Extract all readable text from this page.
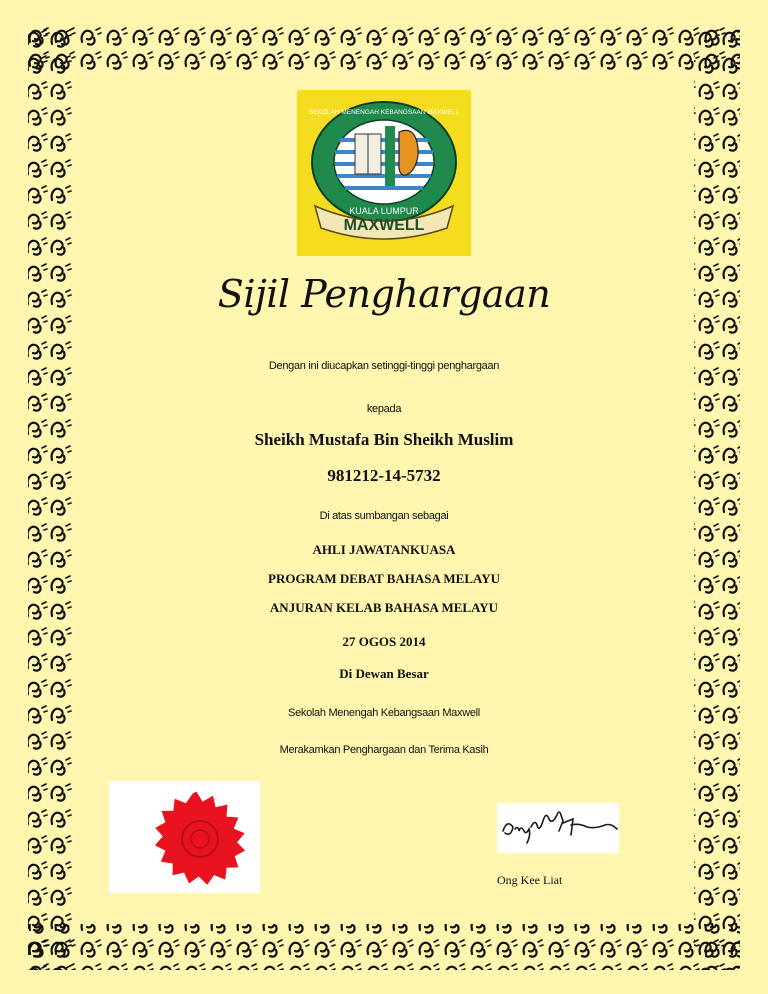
KUALA LUMPUR
MAXWELL
SEKOLAH MENENGAH KEBANGSAAN MAXWELL
Sijil Penghargaan
Dengan ini diucapkan setinggi-tinggi penghargaan
kepada
Sheikh Mustafa Bin Sheikh Muslim
981212-14-5732
Di atas sumbangan sebagai
AHLI JAWATANKUASA
PROGRAM DEBAT BAHASA MELAYU
ANJURAN KELAB BAHASA MELAYU
27 OGOS 2014
Di Dewan Besar
Sekolah Menengah Kebangsaan Maxwell
Merakamkan Penghargaan dan Terima Kasih
Ong Kee Liat
